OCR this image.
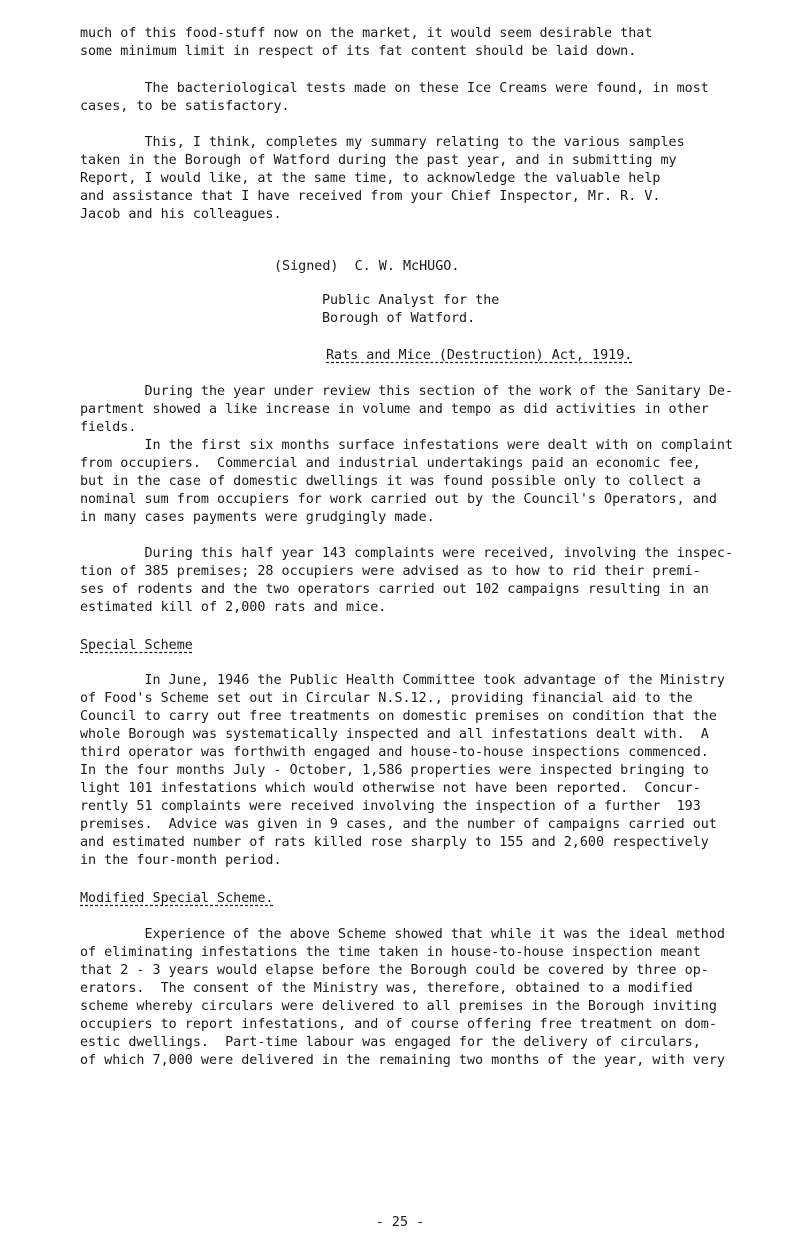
much of this food-stuff now on the market, it would seem desirable that
some minimum limit in respect of its fat content should be laid down.

The bacteriological tests made on these Ice Creams were found, in most
cases, to be satisfactory.

This, I think, completes my summary relating to the various samples
taken in the Borough of Watford during the past year, and in submitting my
Report, I would like, at the same time, to acknowledge the valuable help
and assistance that I have received from your Chief Inspector, Mr. R. V.
Jacob and his colleagues.

(Signed)  C. W. McHUGO.
Public Analyst for the
Borough of Watford.
Rats and Mice (Destruction) Act, 1919.

During the year under review this section of the work of the Sanitary De-
partment showed a like increase in volume and tempo as did activities in other
fields.

In the first six months surface infestations were dealt with on complaint
from occupiers.  Commercial and industrial undertakings paid an economic fee,
but in the case of domestic dwellings it was found possible only to collect a
nominal sum from occupiers for work carried out by the Council's Operators, and
in many cases payments were grudgingly made.

During this half year 143 complaints were received, involving the inspec-
tion of 385 premises; 28 occupiers were advised as to how to rid their premi-
ses of rodents and the two operators carried out 102 campaigns resulting in an
estimated kill of 2,000 rats and mice.

Special Scheme

In June, 1946 the Public Health Committee took advantage of the Ministry
of Food's Scheme set out in Circular N.S.12., providing financial aid to the
Council to carry out free treatments on domestic premises on condition that the
whole Borough was systematically inspected and all infestations dealt with.  A
third operator was forthwith engaged and house-to-house inspections commenced.
In the four months July - October, 1,586 properties were inspected bringing to
light 101 infestations which would otherwise not have been reported.  Concur-
rently 51 complaints were received involving the inspection of a further  193
premises.  Advice was given in 9 cases, and the number of campaigns carried out
and estimated number of rats killed rose sharply to 155 and 2,600 respectively
in the four-month period.

Modified Special Scheme.

Experience of the above Scheme showed that while it was the ideal method
of eliminating infestations the time taken in house-to-house inspection meant
that 2 - 3 years would elapse before the Borough could be covered by three op-
erators.  The consent of the Ministry was, therefore, obtained to a modified
scheme whereby circulars were delivered to all premises in the Borough inviting
occupiers to report infestations, and of course offering free treatment on dom-
estic dwellings.  Part-time labour was engaged for the delivery of circulars,
of which 7,000 were delivered in the remaining two months of the year, with very

- 25 -
